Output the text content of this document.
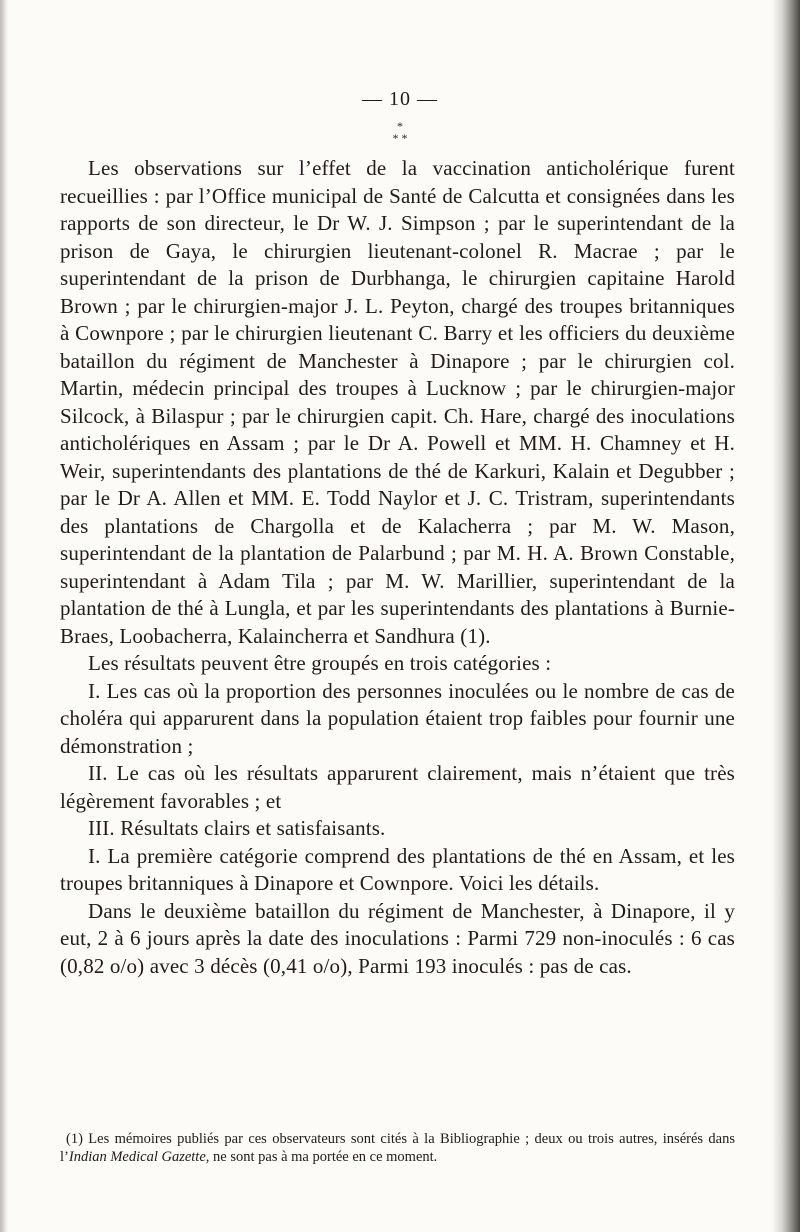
— 10 —
*
* *

Les observations sur l’effet de la vaccination anticholérique furent recueillies : par l’Office municipal de Santé de Calcutta et consignées dans les rapports de son directeur, le Dr W. J. Simpson ; par le superintendant de la prison de Gaya, le chirurgien lieutenant-colonel R. Macrae ; par le superintendant de la prison de Durbhanga, le chirurgien capitaine Harold Brown ; par le chirurgien-major J. L. Peyton, chargé des troupes britanniques à Cownpore ; par le chirurgien lieutenant C. Barry et les officiers du deuxième bataillon du régiment de Manchester à Dinapore ; par le chirurgien col. Martin, médecin principal des troupes à Lucknow ; par le chirurgien-major Silcock, à Bilaspur ; par le chirurgien capit. Ch. Hare, chargé des inoculations anticholériques en Assam ; par le Dr A. Powell et MM. H. Chamney et H. Weir, superintendants des plantations de thé de Karkuri, Kalain et Degubber ; par le Dr A. Allen et MM. E. Todd Naylor et J. C. Tristram, superintendants des plantations de Chargolla et de Kalacherra ; par M. W. Mason, superintendant de la plantation de Palarbund ; par M. H. A. Brown Constable, superintendant à Adam Tila ; par M. W. Marillier, superintendant de la plantation de thé à Lungla, et par les superintendants des plantations à Burnie-Braes, Loobacherra, Kalaincherra et Sandhura (1).

Les résultats peuvent être groupés en trois catégories :

I. Les cas où la proportion des personnes inoculées ou le nombre de cas de choléra qui apparurent dans la population étaient trop faibles pour fournir une démonstration ;

II. Le cas où les résultats apparurent clairement, mais n’étaient que très légèrement favorables ; et

III. Résultats clairs et satisfaisants.

I. La première catégorie comprend des plantations de thé en Assam, et les troupes britanniques à Dinapore et Cownpore. Voici les détails.

Dans le deuxième bataillon du régiment de Manchester, à Dinapore, il y eut, 2 à 6 jours après la date des inoculations : Parmi 729 non-inoculés : 6 cas (0,82 o/o) avec 3 décès (0,41 o/o), Parmi 193 inoculés : pas de cas.

(1) Les mémoires publiés par ces observateurs sont cités à la Bibliographie ; deux ou trois autres, insérés dans l’Indian Medical Gazette, ne sont pas à ma portée en ce moment.
